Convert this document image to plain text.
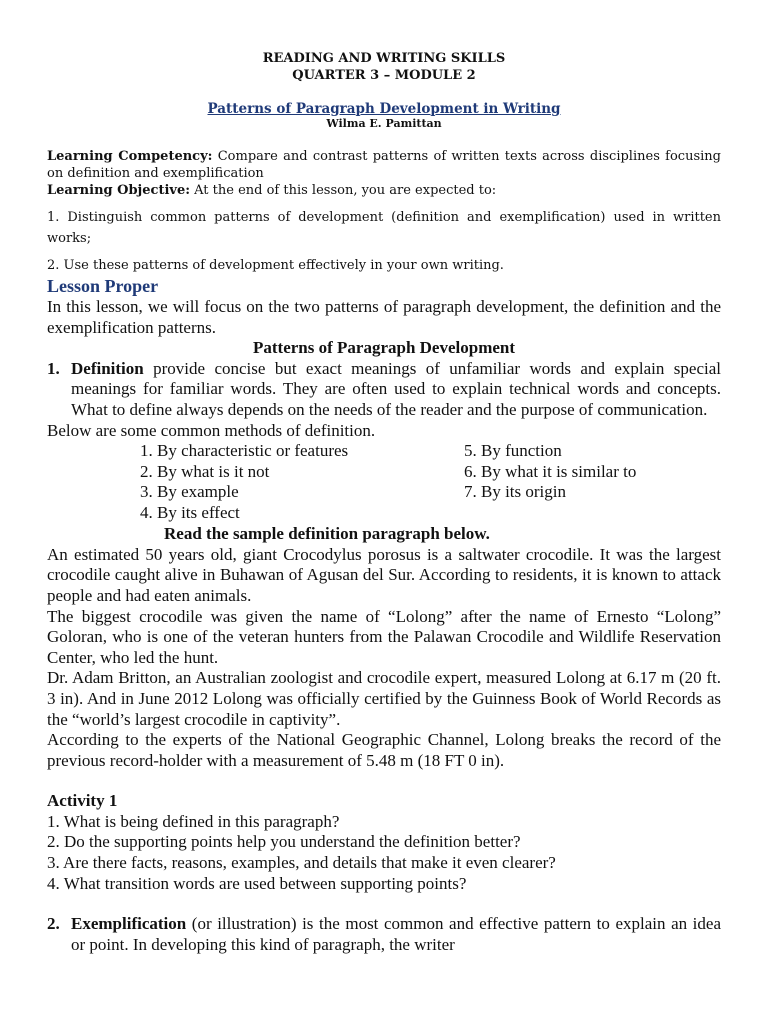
READING AND WRITING SKILLS
QUARTER 3 – MODULE 2
Patterns of Paragraph Development in Writing
Wilma E. Pamittan
Learning Competency: Compare and contrast patterns of written texts across disciplines focusing on definition and exemplification
Learning Objective: At the end of this lesson, you are expected to:
1. Distinguish common patterns of development (definition and exemplification) used in written works;
2. Use these patterns of development effectively in your own writing.
Lesson Proper
In this lesson, we will focus on the two patterns of paragraph development, the definition and the exemplification patterns.
Patterns of Paragraph Development
1. Definition provide concise but exact meanings of unfamiliar words and explain special meanings for familiar words. They are often used to explain technical words and concepts. What to define always depends on the needs of the reader and the purpose of communication.
Below are some common methods of definition.
1. By characteristic or features
2. By what is it not
3. By example
4. By its effect
5. By function
6. By what it is similar to
7. By its origin
Read the sample definition paragraph below.
An estimated 50 years old, giant Crocodylus porosus is a saltwater crocodile. It was the largest crocodile caught alive in Buhawan of Agusan del Sur. According to residents, it is known to attack people and had eaten animals.
The biggest crocodile was given the name of “Lolong” after the name of Ernesto “Lolong” Goloran, who is one of the veteran hunters from the Palawan Crocodile and Wildlife Reservation Center, who led the hunt.
Dr. Adam Britton, an Australian zoologist and crocodile expert, measured Lolong at 6.17 m (20 ft. 3 in). And in June 2012 Lolong was officially certified by the Guinness Book of World Records as the “world’s largest crocodile in captivity”.
According to the experts of the National Geographic Channel, Lolong breaks the record of the previous record-holder with a measurement of 5.48 m (18 FT 0 in).
Activity 1
1. What is being defined in this paragraph?
2. Do the supporting points help you understand the definition better?
3. Are there facts, reasons, examples, and details that make it even clearer?
4. What transition words are used between supporting points?
2. Exemplification (or illustration) is the most common and effective pattern to explain an idea or point. In developing this kind of paragraph, the writer
